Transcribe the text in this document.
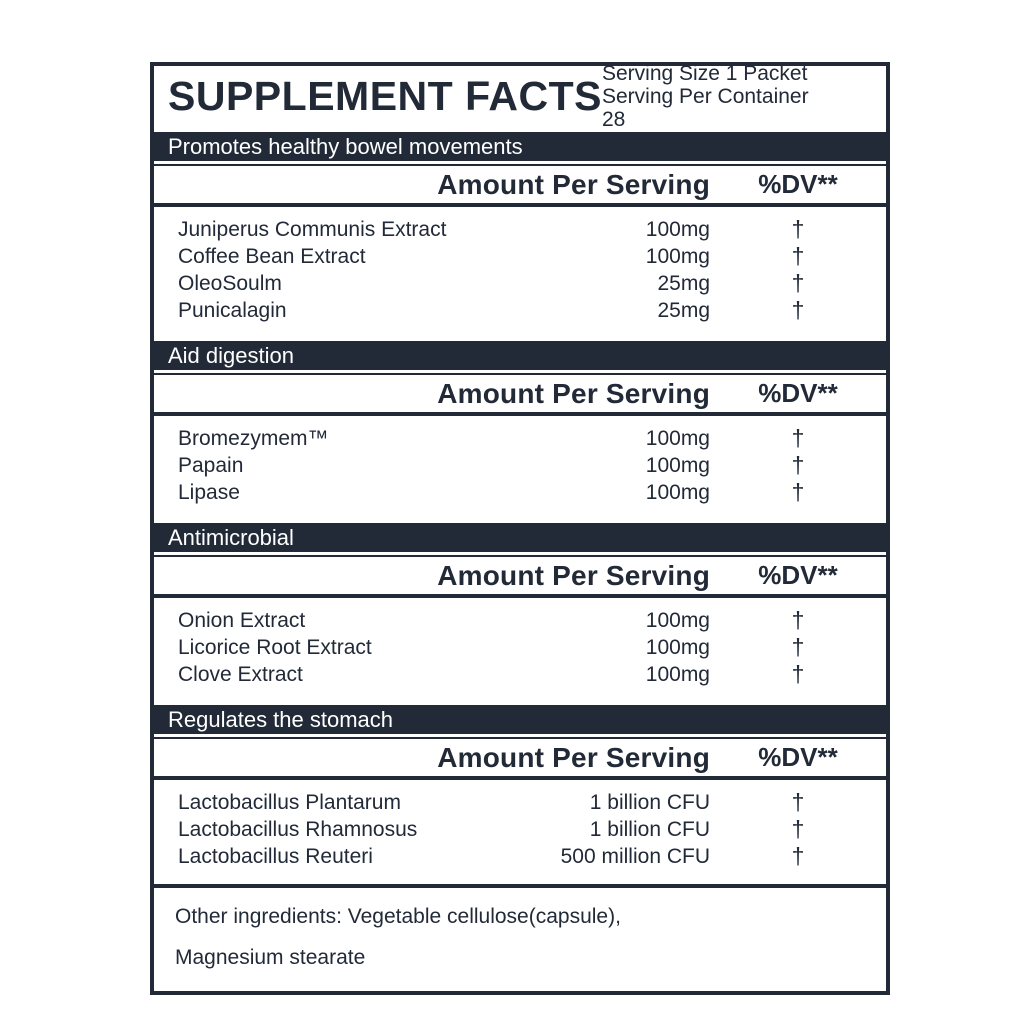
SUPPLEMENT FACTS Serving Size 1 Packet
Serving Per Container 28
Promotes healthy bowel movements
Amount Per Serving	%DV**
Juniperus Communis Extract	100mg	†
Coffee Bean Extract	100mg	†
OleoSoulm	25mg	†
Punicalagin	25mg	†
Aid digestion
Amount Per Serving	%DV**
Bromezymem™	100mg	†
Papain	100mg	†
Lipase	100mg	†
Antimicrobial
Amount Per Serving	%DV**
Onion Extract	100mg	†
Licorice Root Extract	100mg	†
Clove Extract	100mg	†
Regulates the stomach
Amount Per Serving	%DV**
Lactobacillus Plantarum	1 billion CFU	†
Lactobacillus Rhamnosus	1 billion CFU	†
Lactobacillus Reuteri	500 million CFU	†
Other ingredients: Vegetable cellulose(capsule),
Magnesium stearate
